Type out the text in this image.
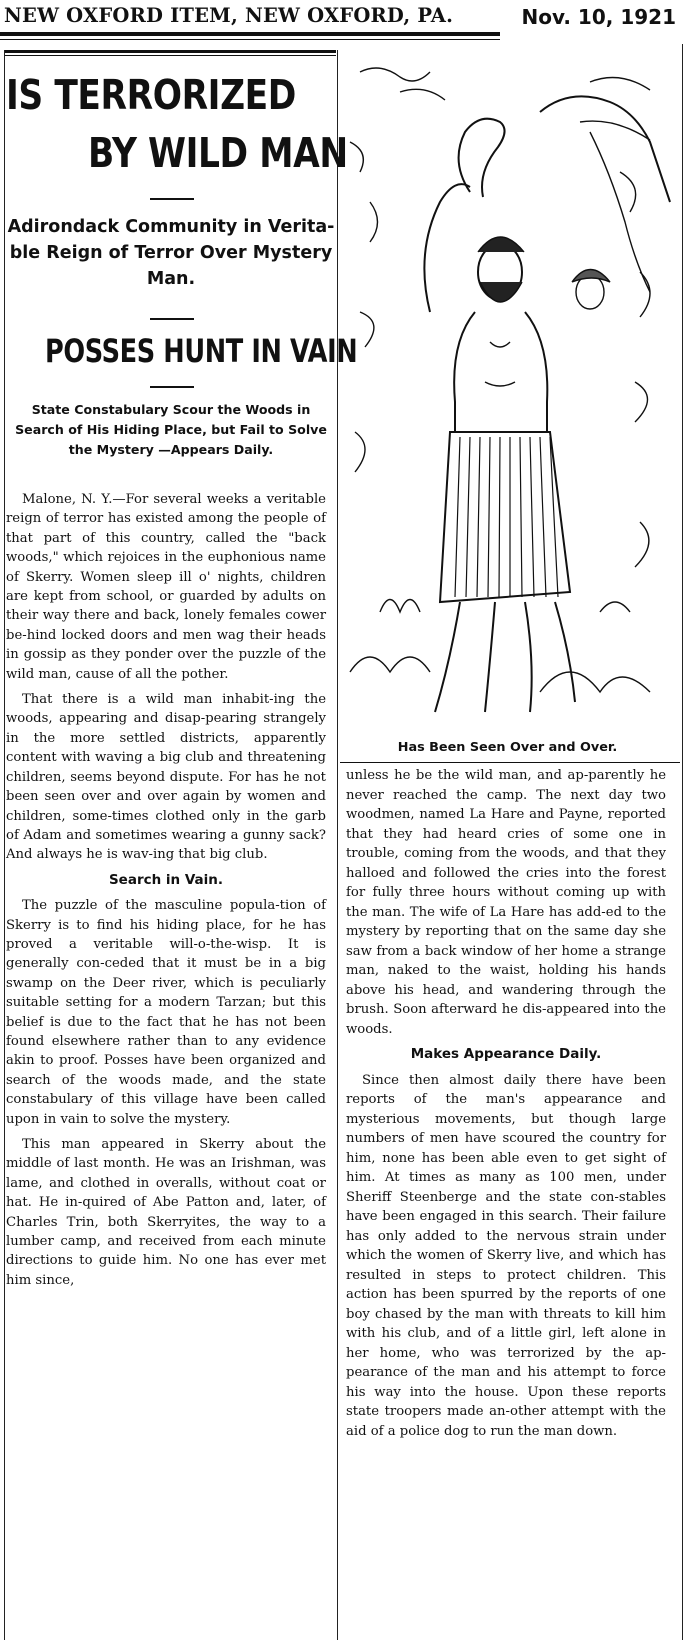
NEW OXFORD ITEM, NEW OXFORD, PA.	Nov. 10, 1921
IS TERRORIZED
BY WILD MAN
Adirondack Community in Verita-ble Reign of Terror Over Mystery Man.
POSSES HUNT IN VAIN
State Constabulary Scour the Woods in Search of His Hiding Place, but Fail to Solve the Mystery —Appears Daily.

Malone, N. Y.—For several weeks a veritable reign of terror has existed among the people of that part of this country, called the "back woods," which rejoices in the euphonious name of Skerry. Women sleep ill o' nights, children are kept from school, or guarded by adults on their way there and back, lonely females cower be-hind locked doors and men wag their heads in gossip as they ponder over the puzzle of the wild man, cause of all the pother.

That there is a wild man inhabit-ing the woods, appearing and disap-pearing strangely in the more settled districts, apparently content with waving a big club and threatening children, seems beyond dispute. For has he not been seen over and over again by women and children, some-times clothed only in the garb of Adam and sometimes wearing a gunny sack? And always he is wav-ing that big club.

Search in Vain.

The puzzle of the masculine popula-tion of Skerry is to find his hiding place, for he has proved a veritable will-o-the-wisp. It is generally con-ceded that it must be in a big swamp on the Deer river, which is peculiarly suitable setting for a modern Tarzan; but this belief is due to the fact that he has not been found elsewhere rather than to any evidence akin to proof. Posses have been organized and search of the woods made, and the state constabulary of this village have been called upon in vain to solve the mystery.

This man appeared in Skerry about the middle of last month. He was an Irishman, was lame, and clothed in overalls, without coat or hat. He in-quired of Abe Patton and, later, of Charles Trin, both Skerryites, the way to a lumber camp, and received from each minute directions to guide him. No one has ever met him since,

Has Been Seen Over and Over.

unless he be the wild man, and ap-parently he never reached the camp. The next day two woodmen, named La Hare and Payne, reported that they had heard cries of some one in trouble, coming from the woods, and that they halloed and followed the cries into the forest for fully three hours without coming up with the man. The wife of La Hare has add-ed to the mystery by reporting that on the same day she saw from a back window of her home a strange man, naked to the waist, holding his hands above his head, and wandering through the brush. Soon afterward he dis-appeared into the woods.

Makes Appearance Daily.

Since then almost daily there have been reports of the man's appearance and mysterious movements, but though large numbers of men have scoured the country for him, none has been able even to get sight of him. At times as many as 100 men, under Sheriff Steenberge and the state con-stables have been engaged in this search. Their failure has only added to the nervous strain under which the women of Skerry live, and which has resulted in steps to protect children. This action has been spurred by the reports of one boy chased by the man with threats to kill him with his club, and of a little girl, left alone in her home, who was terrorized by the ap-pearance of the man and his attempt to force his way into the house. Upon these reports state troopers made an-other attempt with the aid of a police dog to run the man down.
